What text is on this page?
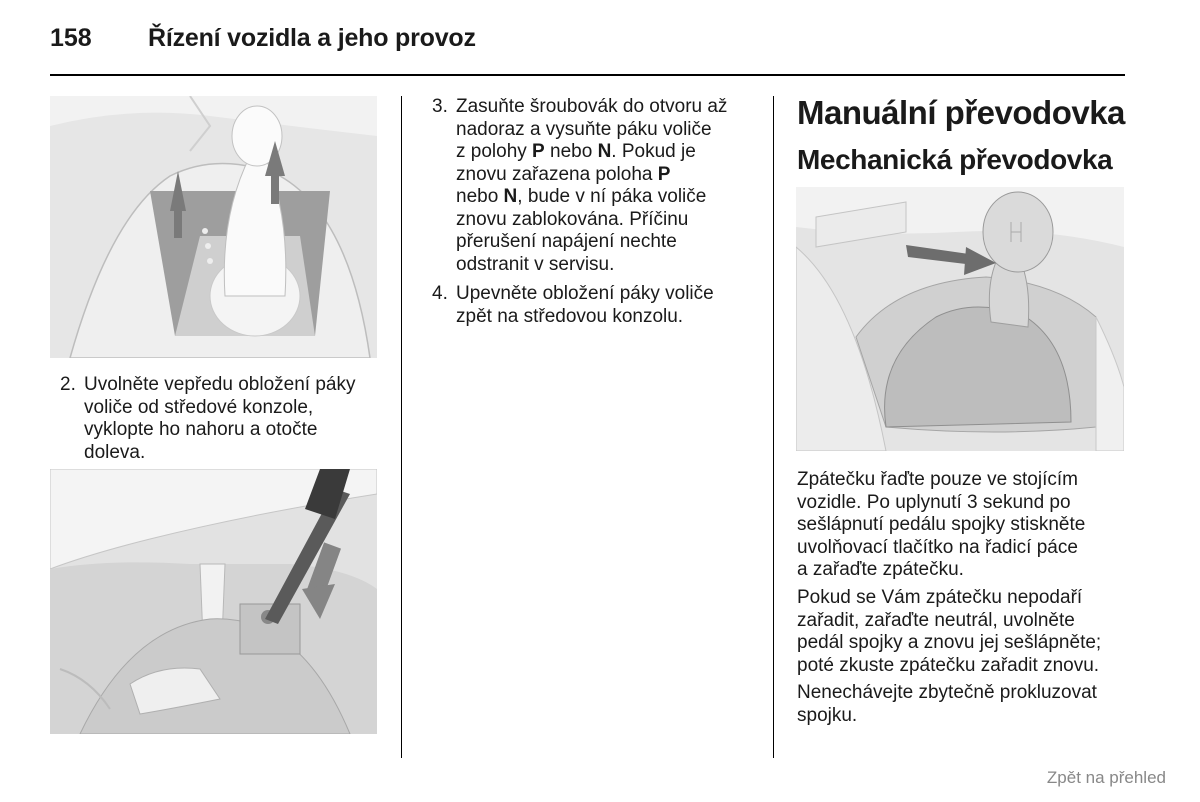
158 Řízení vozidla a jeho provoz
2. Uvolněte vepředu obložení páky
voliče od středové konzole,
vyklopte ho nahoru a otočte
doleva.
3. Zasuňte šroubovák do otvoru až
nadoraz a vysuňte páku voliče
z polohy P nebo N. Pokud je
znovu zařazena poloha P
nebo N, bude v ní páka voliče
znovu zablokována. Příčinu
přerušení napájení nechte
odstranit v servisu.
4. Upevněte obložení páky voliče
zpět na středovou konzolu.
Manuální převodovka
Mechanická převodovka
Zpátečku řaďte pouze ve stojícím
vozidle. Po uplynutí 3 sekund po
sešlápnutí pedálu spojky stiskněte
uvolňovací tlačítko na řadicí páce
a zařaďte zpátečku.
Pokud se Vám zpátečku nepodaří
zařadit, zařaďte neutrál, uvolněte
pedál spojky a znovu jej sešlápněte;
poté zkuste zpátečku zařadit znovu.
Nenechávejte zbytečně prokluzovat
spojku.
Zpět na přehled
